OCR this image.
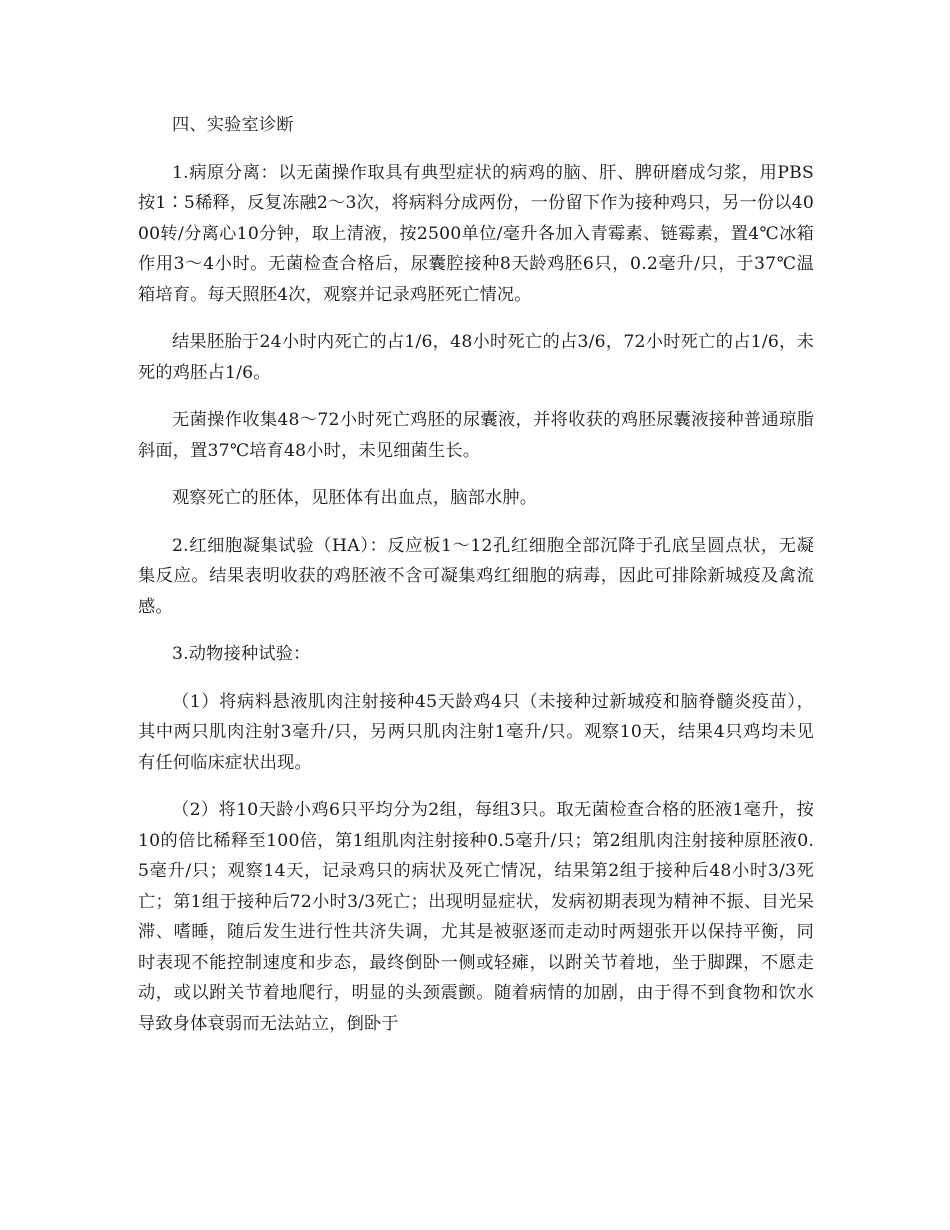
四、实验室诊断

1.病原分离：以无菌操作取具有典型症状的病鸡的脑、肝、脾研磨成匀浆，用PBS按1∶5稀释，反复冻融2～3次，将病料分成两份，一份留下作为接种鸡只，另一份以4000转/分离心10分钟，取上清液，按2500单位/毫升各加入青霉素、链霉素，置4℃冰箱作用3～4小时。无菌检查合格后，尿囊腔接种8天龄鸡胚6只，0.2毫升/只，于37℃温箱培育。每天照胚4次，观察并记录鸡胚死亡情况。

结果胚胎于24小时内死亡的占1/6，48小时死亡的占3/6，72小时死亡的占1/6，未死的鸡胚占1/6。

无菌操作收集48～72小时死亡鸡胚的尿囊液，并将收获的鸡胚尿囊液接种普通琼脂斜面，置37℃培育48小时，未见细菌生长。

观察死亡的胚体，见胚体有出血点，脑部水肿。

2.红细胞凝集试验（HA）：反应板1～12孔红细胞全部沉降于孔底呈圆点状，无凝集反应。结果表明收获的鸡胚液不含可凝集鸡红细胞的病毒，因此可排除新城疫及禽流感。

3.动物接种试验：

（1）将病料悬液肌肉注射接种45天龄鸡4只（未接种过新城疫和脑脊髓炎疫苗），其中两只肌肉注射3毫升/只，另两只肌肉注射1毫升/只。观察10天，结果4只鸡均未见有任何临床症状出现。

（2）将10天龄小鸡6只平均分为2组，每组3只。取无菌检查合格的胚液1毫升，按10的倍比稀释至100倍，第1组肌肉注射接种0.5毫升/只；第2组肌肉注射接种原胚液0.5毫升/只；观察14天，记录鸡只的病状及死亡情况，结果第2组于接种后48小时3/3死亡；第1组于接种后72小时3/3死亡；出现明显症状，发病初期表现为精神不振、目光呆滞、嗜睡，随后发生进行性共济失调，尤其是被驱逐而走动时两翅张开以保持平衡，同时表现不能控制速度和步态，最终倒卧一侧或轻瘫，以跗关节着地，坐于脚踝，不愿走动，或以跗关节着地爬行，明显的头颈震颤。随着病情的加剧，由于得不到食物和饮水导致身体衰弱而无法站立，倒卧于
